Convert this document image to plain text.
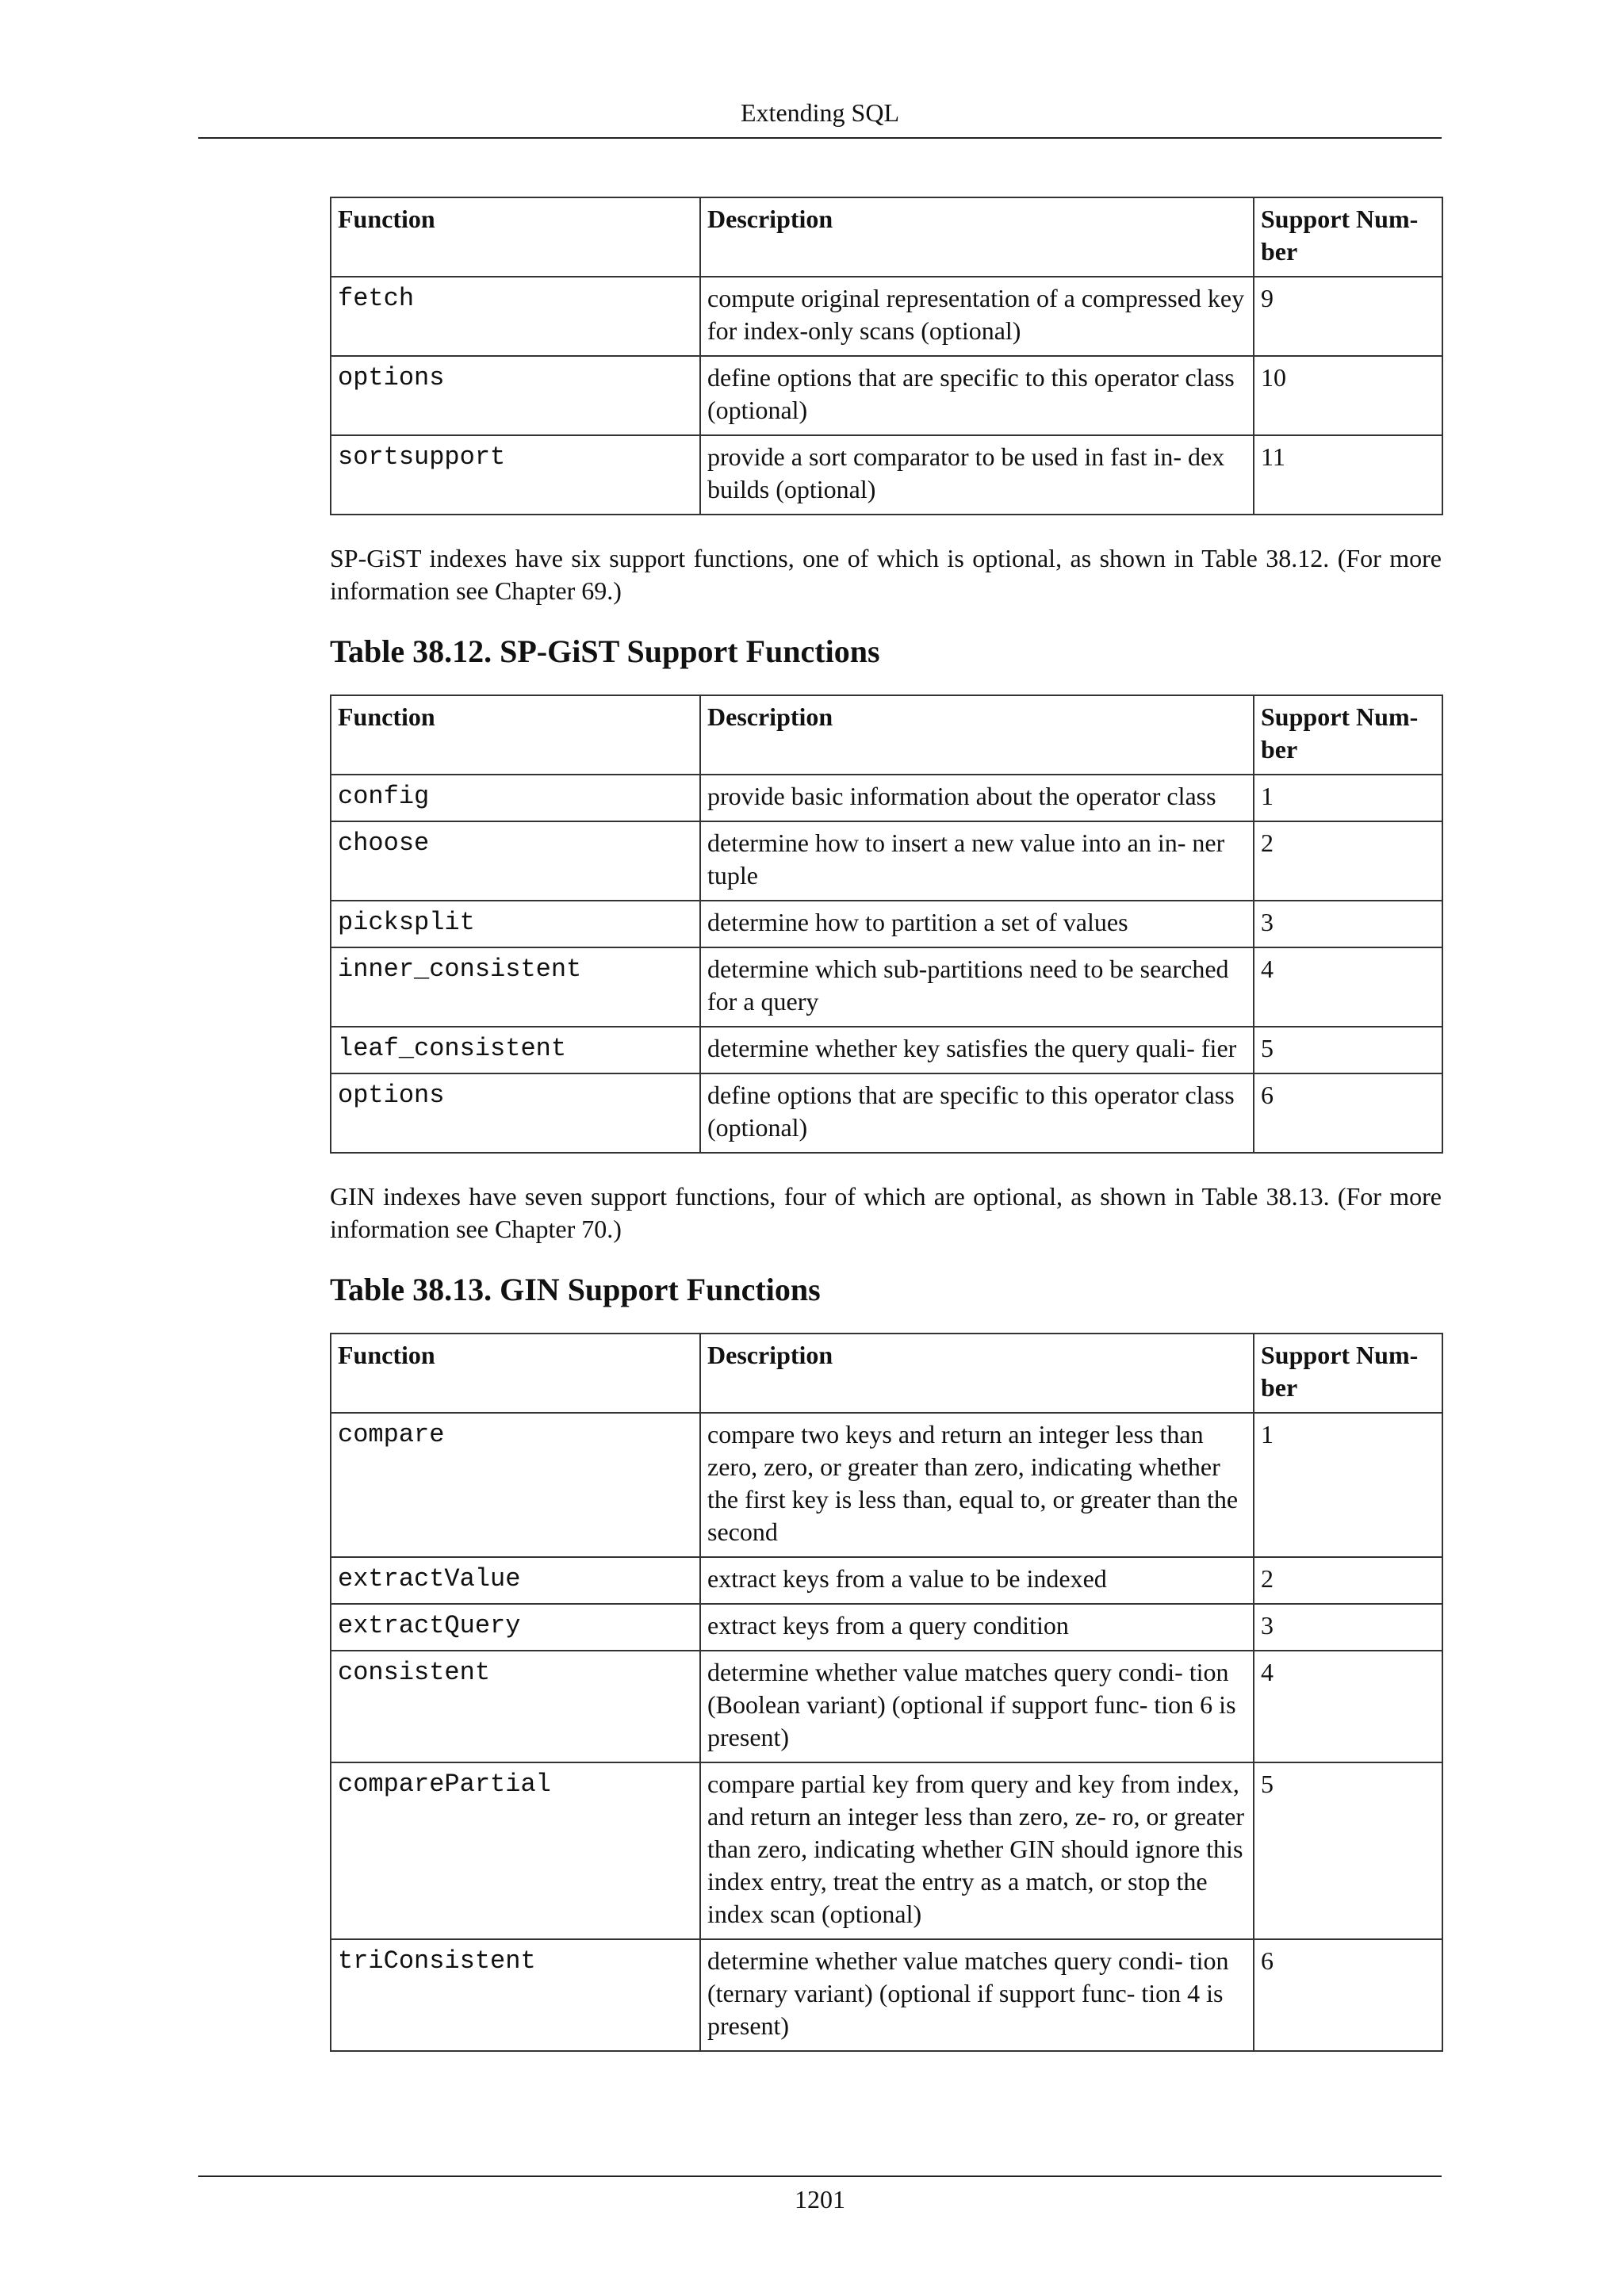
Extending SQL
Function	Description	Support Num- ber
fetch	compute original representation of a compressed key for index-only scans (optional)	9
options	define options that are specific to this operator class (optional)	10
sortsupport	provide a sort comparator to be used in fast in- dex builds (optional)	11

SP-GiST indexes have six support functions, one of which is optional, as shown in Table 38.12. (For more information see Chapter 69.)

Table 38.12. SP-GiST Support Functions
Function	Description	Support Num- ber
config	provide basic information about the operator class	1
choose	determine how to insert a new value into an in- ner tuple	2
picksplit	determine how to partition a set of values	3
inner_consistent	determine which sub-partitions need to be searched for a query	4
leaf_consistent	determine whether key satisfies the query quali- fier	5
options	define options that are specific to this operator class (optional)	6

GIN indexes have seven support functions, four of which are optional, as shown in Table 38.13. (For more information see Chapter 70.)

Table 38.13. GIN Support Functions
Function	Description	Support Num- ber
compare	compare two keys and return an integer less than zero, zero, or greater than zero, indicating whether the first key is less than, equal to, or greater than the second	1
extractValue	extract keys from a value to be indexed	2
extractQuery	extract keys from a query condition	3
consistent	determine whether value matches query condi- tion (Boolean variant) (optional if support func- tion 6 is present)	4
comparePartial	compare partial key from query and key from index, and return an integer less than zero, ze- ro, or greater than zero, indicating whether GIN should ignore this index entry, treat the entry as a match, or stop the index scan (optional)	5
triConsistent	determine whether value matches query condi- tion (ternary variant) (optional if support func- tion 4 is present)	6
1201
